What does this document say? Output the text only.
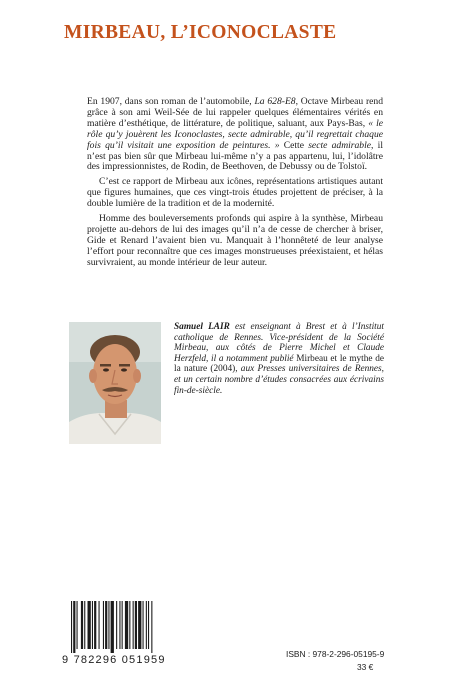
MIRBEAU, L’ICONOCLASTE

En 1907, dans son roman de l’automobile, La 628-E8, Octave Mirbeau rend grâce à son ami Weil-Sée de lui rappeler quelques élémentaires vérités en matière d’esthétique, de littérature, de politique, saluant, aux Pays-Bas, « le rôle qu’y jouèrent les Iconoclastes, secte admirable, qu’il regrettait chaque fois qu’il visitait une exposition de peintures. » Cette secte admirable, il n’est pas bien sûr que Mirbeau lui-même n’y a pas appartenu, lui, l’idolâtre des impressionnistes, de Rodin, de Beethoven, de Debussy ou de Tolstoï.

C’est ce rapport de Mirbeau aux icônes, représentations artistiques autant que figures humaines, que ces vingt-trois études projettent de préciser, à la double lumière de la tradition et de la modernité.

Homme des bouleversements profonds qui aspire à la synthèse, Mirbeau projette au-dehors de lui des images qu’il n’a de cesse de chercher à briser, Gide et Renard l’avaient bien vu. Manquait à l’honnêteté de leur analyse l’effort pour reconnaître que ces images monstrueuses préexistaient, et hélas survivraient, au monde intérieur de leur auteur.

Samuel LAIR est enseignant à Brest et à l’Institut catholique de Rennes. Vice-président de la Société Mirbeau, aux côtés de Pierre Michel et Claude Herzfeld, il a notamment publié Mirbeau et le mythe de la nature (2004), aux Presses universitaires de Rennes, et un certain nombre d’études consacrées aux écrivains fin-de-siècle.
9 782296 051959	ISBN : 978-2-296-05195-9
33 €
